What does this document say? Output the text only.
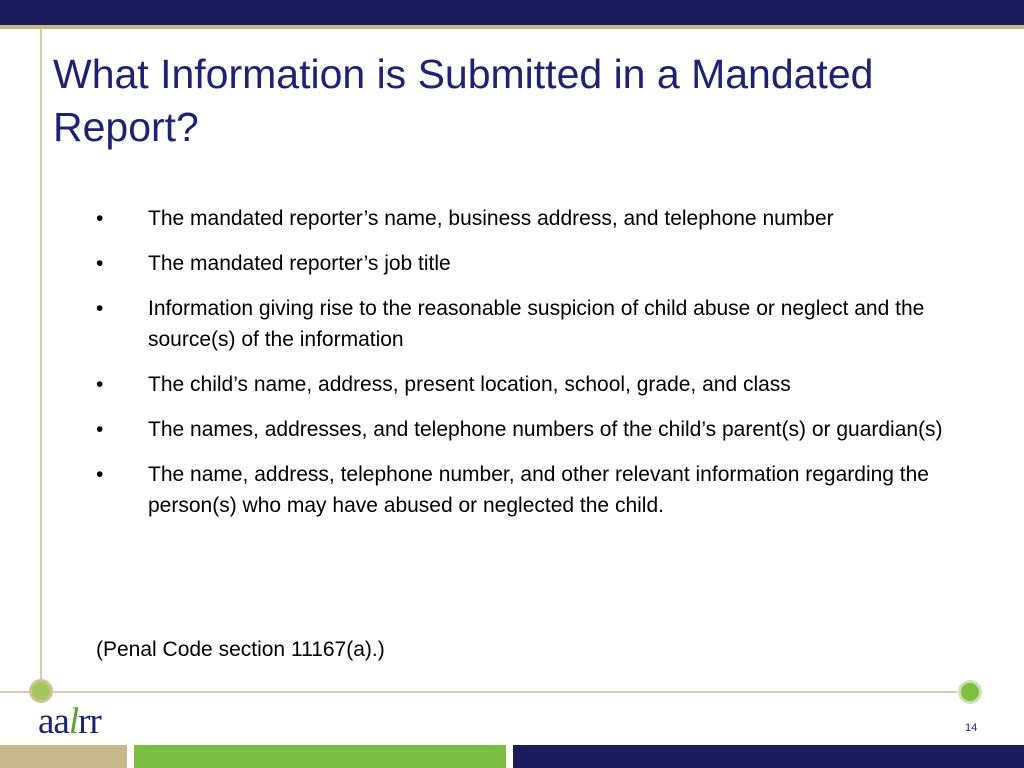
What Information is Submitted in a Mandated Report?
• The mandated reporter’s name, business address, and telephone number
• The mandated reporter’s job title
• Information giving rise to the reasonable suspicion of child abuse or neglect and the source(s) of the information
• The child’s name, address, present location, school, grade, and class
• The names, addresses, and telephone numbers of the child’s parent(s) or guardian(s)
• The name, address, telephone number, and other relevant information regarding the person(s) who may have abused or neglected the child.

(Penal Code section 11167(a).)

aalrr	14
